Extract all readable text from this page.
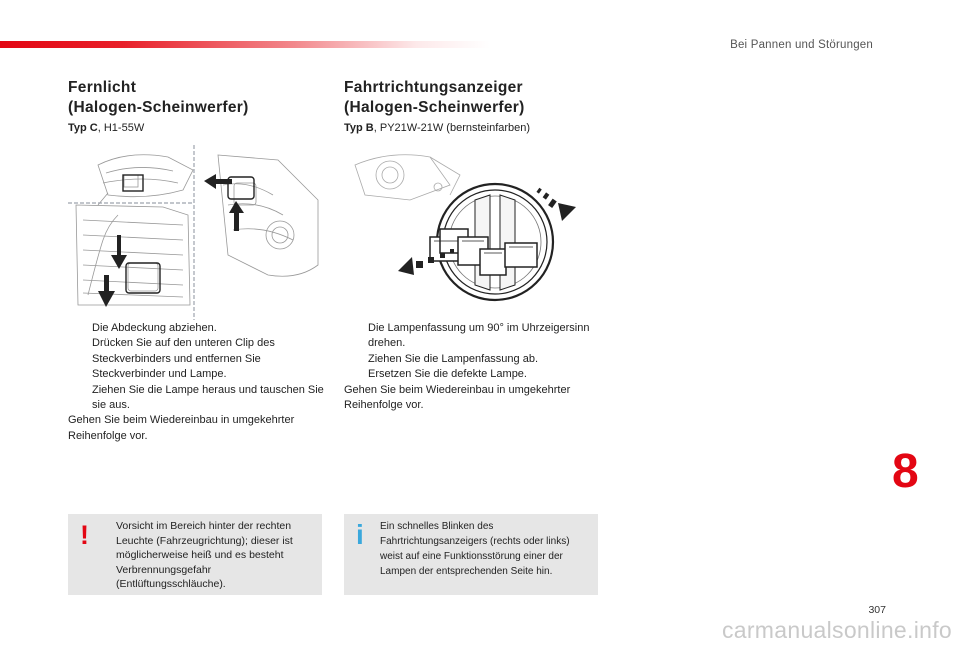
Bei Pannen und Störungen
Fernlicht
(Halogen-Scheinwerfer)
Typ C, H1-55W
Die Abdeckung abziehen.
Drücken Sie auf den unteren Clip des Steckverbinders und entfernen Sie Steckverbinder und Lampe.
Ziehen Sie die Lampe heraus und tauschen Sie sie aus.
Gehen Sie beim Wiedereinbau in umgekehrter Reihenfolge vor.
!	Vorsicht im Bereich hinter der rechten Leuchte (Fahrzeugrichtung); dieser ist möglicherweise heiß und es besteht Verbrennungsgefahr (Entlüftungsschläuche).
Fahrtrichtungsanzeiger
(Halogen-Scheinwerfer)
Typ B, PY21W-21W (bernsteinfarben)
Die Lampenfassung um 90° im Uhrzeigersinn drehen.
Ziehen Sie die Lampenfassung ab.
Ersetzen Sie die defekte Lampe.
Gehen Sie beim Wiedereinbau in umgekehrter Reihenfolge vor.
i Ein schnelles Blinken des Fahrtrichtungsanzeigers (rechts oder links) weist auf eine Funktionsstörung einer der Lampen der entsprechenden Seite hin.
8
307
carmanualsonline.info
